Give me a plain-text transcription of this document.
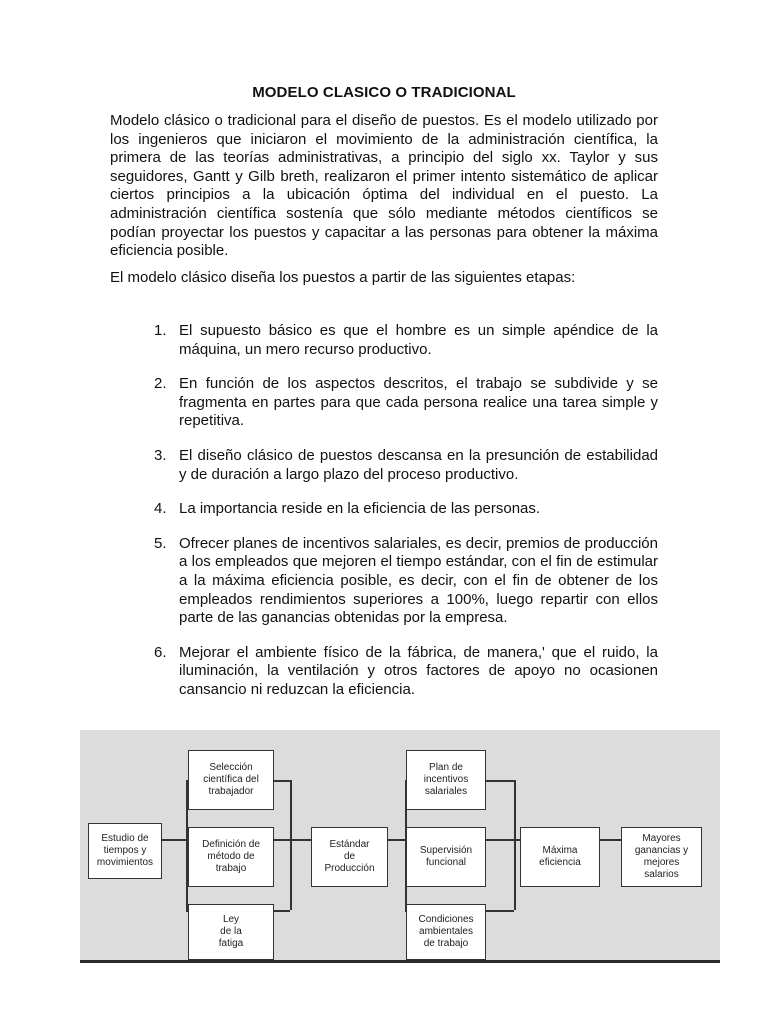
MODELO CLASICO O TRADICIONAL

Modelo clásico o tradicional para el diseño de puestos. Es el modelo utilizado por los ingenieros que iniciaron el movimiento de la administración científica, la primera de las teorías administrativas, a principio del siglo xx. Taylor y sus seguidores, Gantt y Gilb breth, realizaron el primer intento sistemático de aplicar ciertos principios a la ubicación óptima del individual en el puesto. La administración científica sostenía que sólo mediante métodos científicos se podían proyectar los puestos y capacitar a las personas para obtener la máxima eficiencia posible.

El modelo clásico diseña los puestos a partir de las siguientes etapas:

1. El supuesto básico es que el hombre es un simple apéndice de la máquina, un mero recurso productivo.
2. En función de los aspectos descritos, el trabajo se subdivide y se fragmenta en partes para que cada persona realice una tarea simple y repetitiva.
3. El diseño clásico de puestos descansa en la presunción de estabilidad y de duración a largo plazo del proceso productivo.
4. La importancia reside en la eficiencia de las personas.
5. Ofrecer planes de incentivos salariales, es decir, premios de producción a los empleados que mejoren el tiempo estándar, con el fin de estimular a la máxima eficiencia posible, es decir, con el fin de obtener de los empleados rendimientos superiores a 100%, luego repartir con ellos parte de las ganancias obtenidas por la empresa.
6. Mejorar el ambiente físico de la fábrica, de manera,' que el ruido, la iluminación, la ventilación y otros factores de apoyo no ocasionen cansancio ni reduzcan la eficiencia.
Estudio de
tiempos y
movimientos
Selección
científica del
trabajador
Definición de
método de
trabajo
Ley
de la
fatiga
Estándar
de
Producción
Plan de
incentivos
salariales
Supervisión
funcional
Condiciones
ambientales
de trabajo
Máxima
eficiencia
Mayores
ganancias y
mejores
salarios
